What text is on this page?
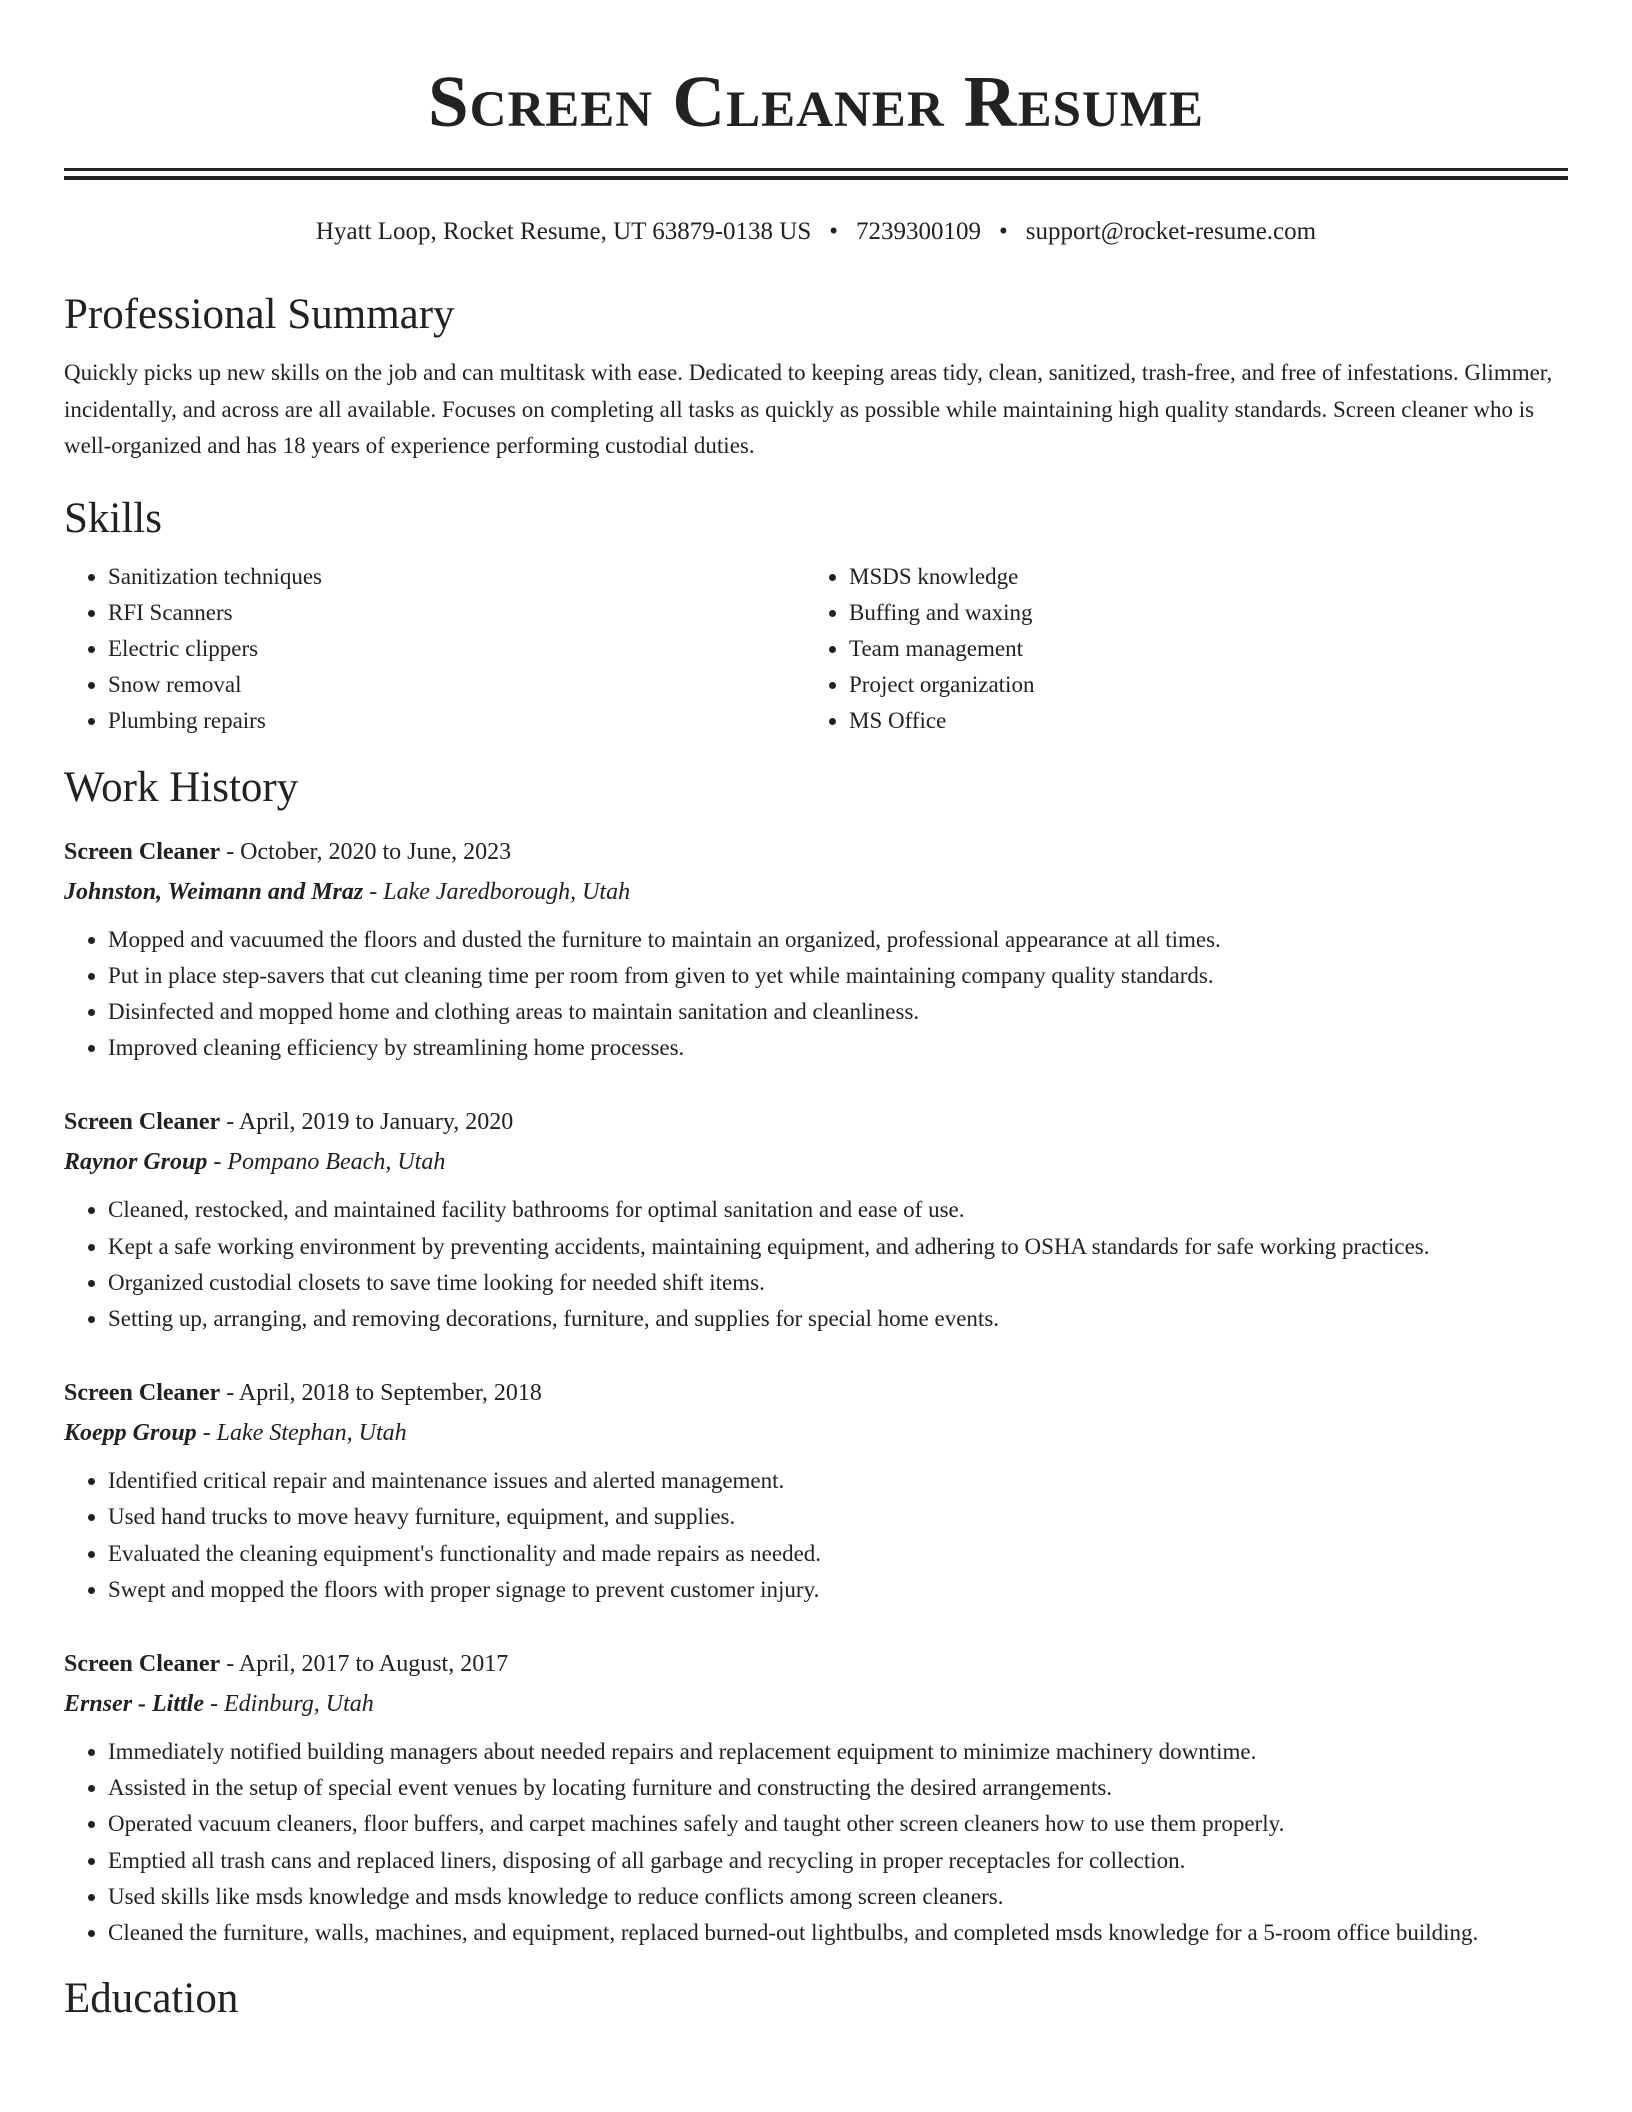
Screen Cleaner Resume
Hyatt Loop, Rocket Resume, UT 63879-0138 US • 7239300109 • support@rocket-resume.com
Professional Summary

Quickly picks up new skills on the job and can multitask with ease. Dedicated to keeping areas tidy, clean, sanitized, trash-free, and free of infestations. Glimmer, incidentally, and across are all available. Focuses on completing all tasks as quickly as possible while maintaining high quality standards. Screen cleaner who is well-organized and has 18 years of experience performing custodial duties.

Skills
• Sanitization techniques
• RFI Scanners
• Electric clippers
• Snow removal
• Plumbing repairs
• MSDS knowledge
• Buffing and waxing
• Team management
• Project organization
• MS Office
Work History
Screen Cleaner - October, 2020 to June, 2023
Johnston, Weimann and Mraz - Lake Jaredborough, Utah
• Mopped and vacuumed the floors and dusted the furniture to maintain an organized, professional appearance at all times.
• Put in place step-savers that cut cleaning time per room from given to yet while maintaining company quality standards.
• Disinfected and mopped home and clothing areas to maintain sanitation and cleanliness.
• Improved cleaning efficiency by streamlining home processes.
Screen Cleaner - April, 2019 to January, 2020
Raynor Group - Pompano Beach, Utah
• Cleaned, restocked, and maintained facility bathrooms for optimal sanitation and ease of use.
• Kept a safe working environment by preventing accidents, maintaining equipment, and adhering to OSHA standards for safe working practices.
• Organized custodial closets to save time looking for needed shift items.
• Setting up, arranging, and removing decorations, furniture, and supplies for special home events.
Screen Cleaner - April, 2018 to September, 2018
Koepp Group - Lake Stephan, Utah
• Identified critical repair and maintenance issues and alerted management.
• Used hand trucks to move heavy furniture, equipment, and supplies.
• Evaluated the cleaning equipment's functionality and made repairs as needed.
• Swept and mopped the floors with proper signage to prevent customer injury.
Screen Cleaner - April, 2017 to August, 2017
Ernser - Little - Edinburg, Utah
• Immediately notified building managers about needed repairs and replacement equipment to minimize machinery downtime.
• Assisted in the setup of special event venues by locating furniture and constructing the desired arrangements.
• Operated vacuum cleaners, floor buffers, and carpet machines safely and taught other screen cleaners how to use them properly.
• Emptied all trash cans and replaced liners, disposing of all garbage and recycling in proper receptacles for collection.
• Used skills like msds knowledge and msds knowledge to reduce conflicts among screen cleaners.
• Cleaned the furniture, walls, machines, and equipment, replaced burned-out lightbulbs, and completed msds knowledge for a 5-room office building.
Education
